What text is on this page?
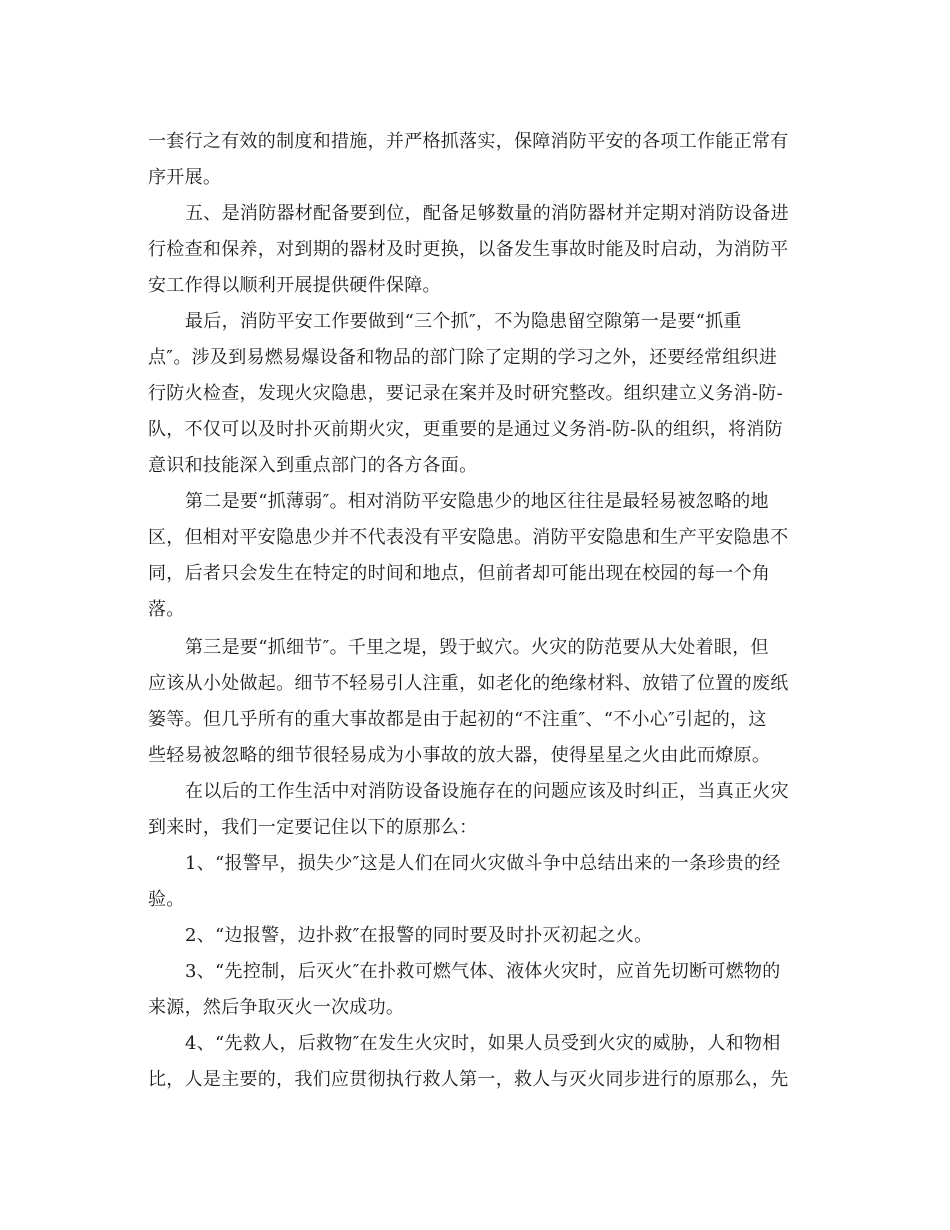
一套行之有效的制度和措施，并严格抓落实，保障消防平安的各项工作能正常有
序开展。
五、是消防器材配备要到位，配备足够数量的消防器材并定期对消防设备进
行检查和保养，对到期的器材及时更换，以备发生事故时能及时启动，为消防平
安工作得以顺利开展提供硬件保障。
最后，消防平安工作要做到“三个抓″，不为隐患留空隙第一是要“抓重
点″。涉及到易燃易爆设备和物品的部门除了定期的学习之外，还要经常组织进
行防火检查，发现火灾隐患，要记录在案并及时研究整改。组织建立义务消-防-
队，不仅可以及时扑灭前期火灾，更重要的是通过义务消-防-队的组织，将消防
意识和技能深入到重点部门的各方各面。
第二是要“抓薄弱″。相对消防平安隐患少的地区往往是最轻易被忽略的地
区，但相对平安隐患少并不代表没有平安隐患。消防平安隐患和生产平安隐患不
同，后者只会发生在特定的时间和地点，但前者却可能出现在校园的每一个角
落。
第三是要“抓细节″。千里之堤，毁于蚁穴。火灾的防范要从大处着眼，但
应该从小处做起。细节不轻易引人注重，如老化的绝缘材料、放错了位置的废纸
篓等。但几乎所有的重大事故都是由于起初的“不注重″、“不小心″引起的，这
些轻易被忽略的细节很轻易成为小事故的放大器，使得星星之火由此而燎原。
在以后的工作生活中对消防设备设施存在的问题应该及时纠正，当真正火灾
到来时，我们一定要记住以下的原那么：
1、“报警早，损失少″这是人们在同火灾做斗争中总结出来的一条珍贵的经
验。
2、“边报警，边扑救″在报警的同时要及时扑灭初起之火。
3、“先控制，后灭火″在扑救可燃气体、液体火灾时，应首先切断可燃物的
来源，然后争取灭火一次成功。
4、“先救人，后救物″在发生火灾时，如果人员受到火灾的威胁，人和物相
比，人是主要的，我们应贯彻执行救人第一，救人与灭火同步进行的原那么，先
